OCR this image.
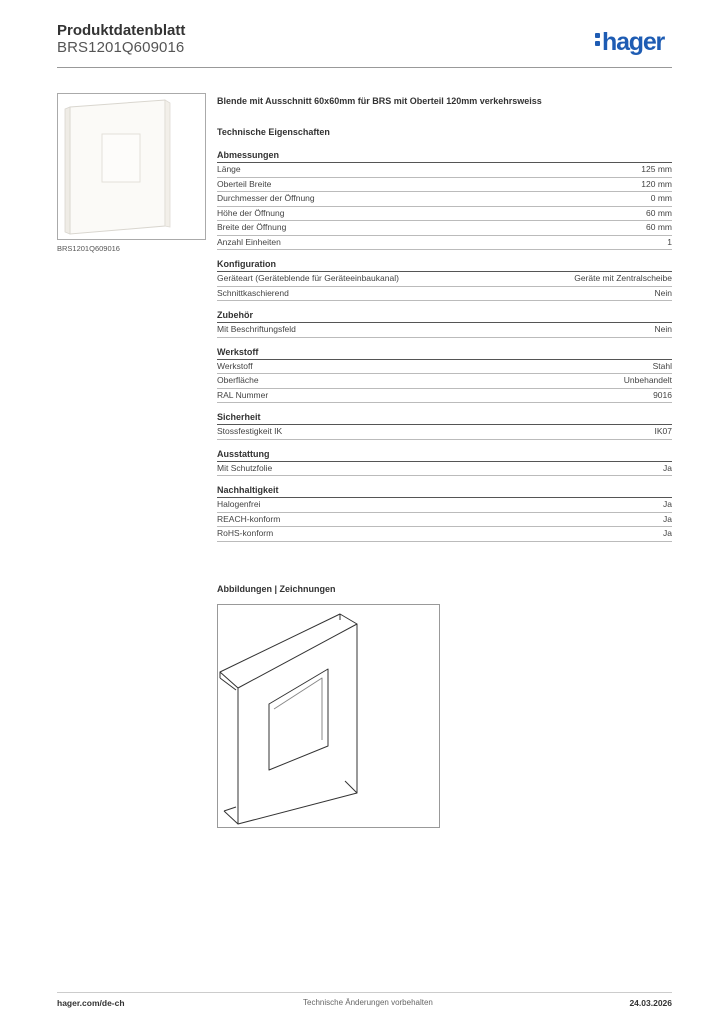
Produktdatenblatt
BRS1201Q609016	hager
BRS1201Q609016
Blende mit Ausschnitt 60x60mm für BRS mit Oberteil 120mm verkehrsweiss
Technische Eigenschaften
Abmessungen
Länge	125 mm
Oberteil Breite	120 mm
Durchmesser der Öffnung	0 mm
Höhe der Öffnung	60 mm
Breite der Öffnung	60 mm
Anzahl Einheiten	1
Konfiguration
Geräteart (Geräteblende für Geräteeinbaukanal)	Geräte mit Zentralscheibe
Schnittkaschierend	Nein
Zubehör
Mit Beschriftungsfeld	Nein
Werkstoff
Werkstoff	Stahl
Oberfläche	Unbehandelt
RAL Nummer	9016
Sicherheit
Stossfestigkeit IK	IK07
Ausstattung
Mit Schutzfolie	Ja
Nachhaltigkeit
Halogenfrei	Ja
REACH-konform	Ja
RoHS-konform	Ja
Abbildungen | Zeichnungen
hager.com/de-ch	Technische Änderungen vorbehalten	24.03.2026
